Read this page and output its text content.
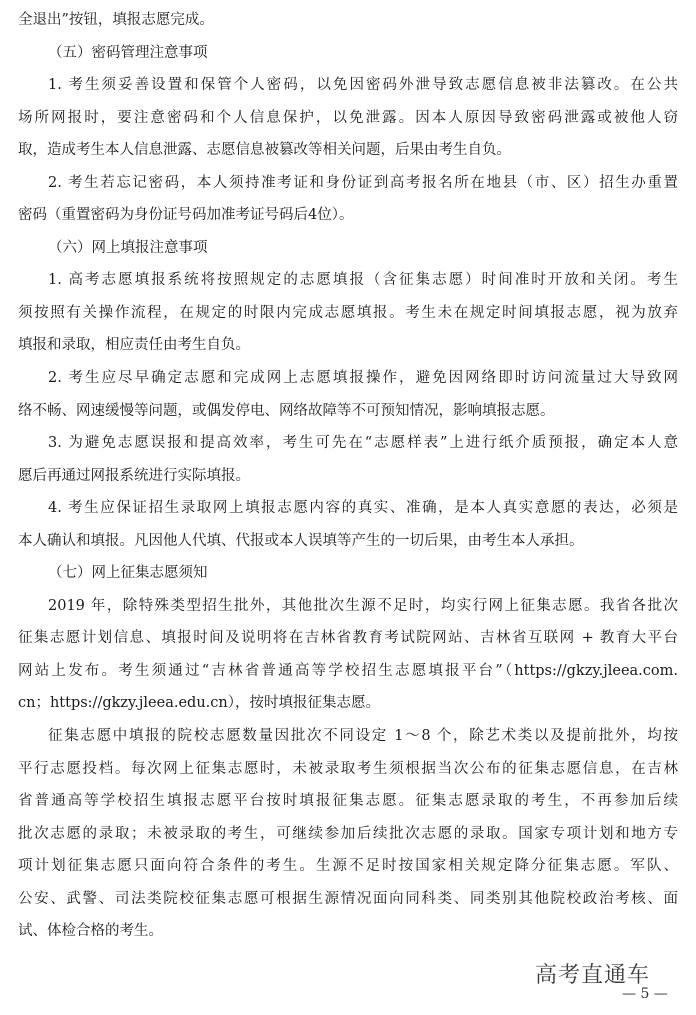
全退出”按钮，填报志愿完成。
（五）密码管理注意事项
1. 考生须妥善设置和保管个人密码，以免因密码外泄导致志愿信息被非法篡改。在公共
场所网报时，要注意密码和个人信息保护，以免泄露。因本人原因导致密码泄露或被他人窃
取，造成考生本人信息泄露、志愿信息被篡改等相关问题，后果由考生自负。
2. 考生若忘记密码，本人须持准考证和身份证到高考报名所在地县（市、区）招生办重置
密码（重置密码为身份证号码加准考证号码后4位）。
（六）网上填报注意事项
1. 高考志愿填报系统将按照规定的志愿填报（含征集志愿）时间准时开放和关闭。考生
须按照有关操作流程，在规定的时限内完成志愿填报。考生未在规定时间填报志愿，视为放弃
填报和录取，相应责任由考生自负。
2. 考生应尽早确定志愿和完成网上志愿填报操作，避免因网络即时访问流量过大导致网
络不畅、网速缓慢等问题，或偶发停电、网络故障等不可预知情况，影响填报志愿。
3. 为避免志愿误报和提高效率，考生可先在“志愿样表”上进行纸介质预报，确定本人意
愿后再通过网报系统进行实际填报。
4. 考生应保证招生录取网上填报志愿内容的真实、准确，是本人真实意愿的表达，必须是
本人确认和填报。凡因他人代填、代报或本人误填等产生的一切后果，由考生本人承担。
（七）网上征集志愿须知
2019 年，除特殊类型招生批外，其他批次生源不足时，均实行网上征集志愿。我省各批次
征集志愿计划信息、填报时间及说明将在吉林省教育考试院网站、吉林省互联网 + 教育大平台
网站上发布。考生须通过“吉林省普通高等学校招生志愿填报平台”（https://gkzy.jleea.com.
cn；https://gkzy.jleea.edu.cn），按时填报征集志愿。
征集志愿中填报的院校志愿数量因批次不同设定 1～8 个，除艺术类以及提前批外，均按
平行志愿投档。每次网上征集志愿时，未被录取考生须根据当次公布的征集志愿信息，在吉林
省普通高等学校招生填报志愿平台按时填报征集志愿。征集志愿录取的考生，不再参加后续
批次志愿的录取；未被录取的考生，可继续参加后续批次志愿的录取。国家专项计划和地方专
项计划征集志愿只面向符合条件的考生。生源不足时按国家相关规定降分征集志愿。军队、
公安、武警、司法类院校征集志愿可根据生源情况面向同科类、同类别其他院校政治考核、面
试、体检合格的考生。
高考直通车
— 5 —
